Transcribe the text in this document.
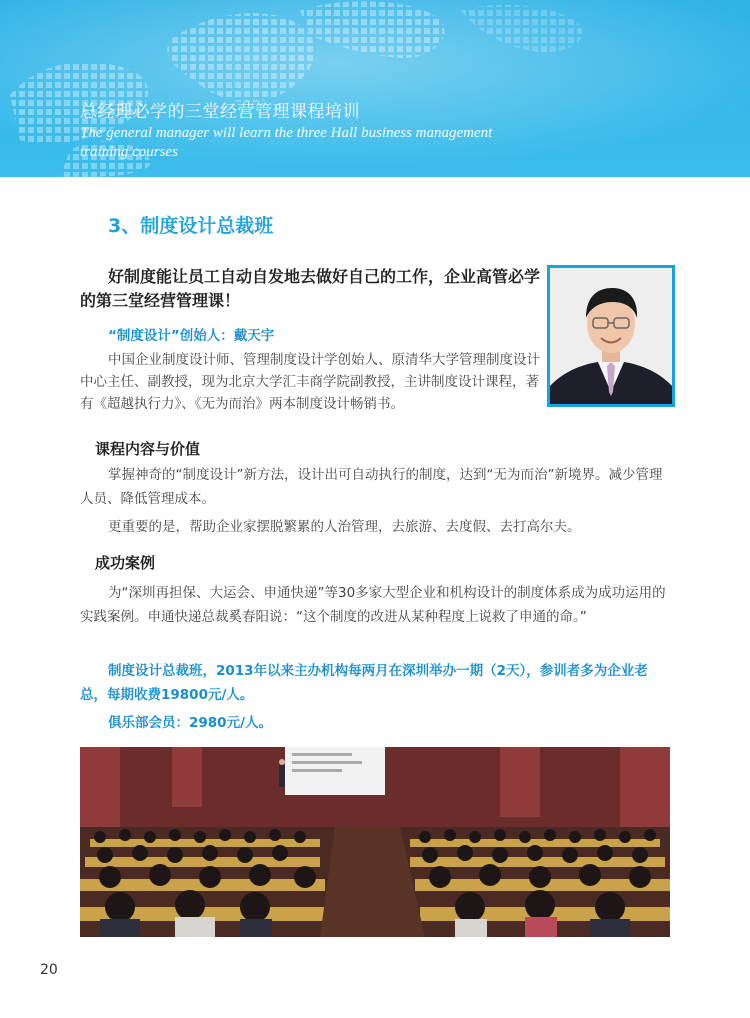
总经理必学的三堂经营管理课程培训
The general manager will learn the three Hall business management training courses
3、制度设计总裁班
好制度能让员工自动自发地去做好自己的工作，企业高管必学的第三堂经营管理课！
“制度设计”创始人：戴天宇
中国企业制度设计师、管理制度设计学创始人、原清华大学管理制度设计中心主任、副教授，现为北京大学汇丰商学院副教授，主讲制度设计课程，著有《超越执行力》、《无为而治》两本制度设计畅销书。
课程内容与价值
掌握神奇的“制度设计”新方法，设计出可自动执行的制度，达到“无为而治”新境界。减少管理人员、降低管理成本。
更重要的是，帮助企业家摆脱繁累的人治管理，去旅游、去度假、去打高尔夫。
成功案例
为“深圳再担保、大运会、申通快递”等30多家大型企业和机构设计的制度体系成为成功运用的实践案例。申通快递总裁奚春阳说：“这个制度的改进从某种程度上说救了申通的命。”
制度设计总裁班，2013年以来主办机构每两月在深圳举办一期（2天），参训者多为企业老总，每期收费19800元/人。
俱乐部会员：2980元/人。
20
